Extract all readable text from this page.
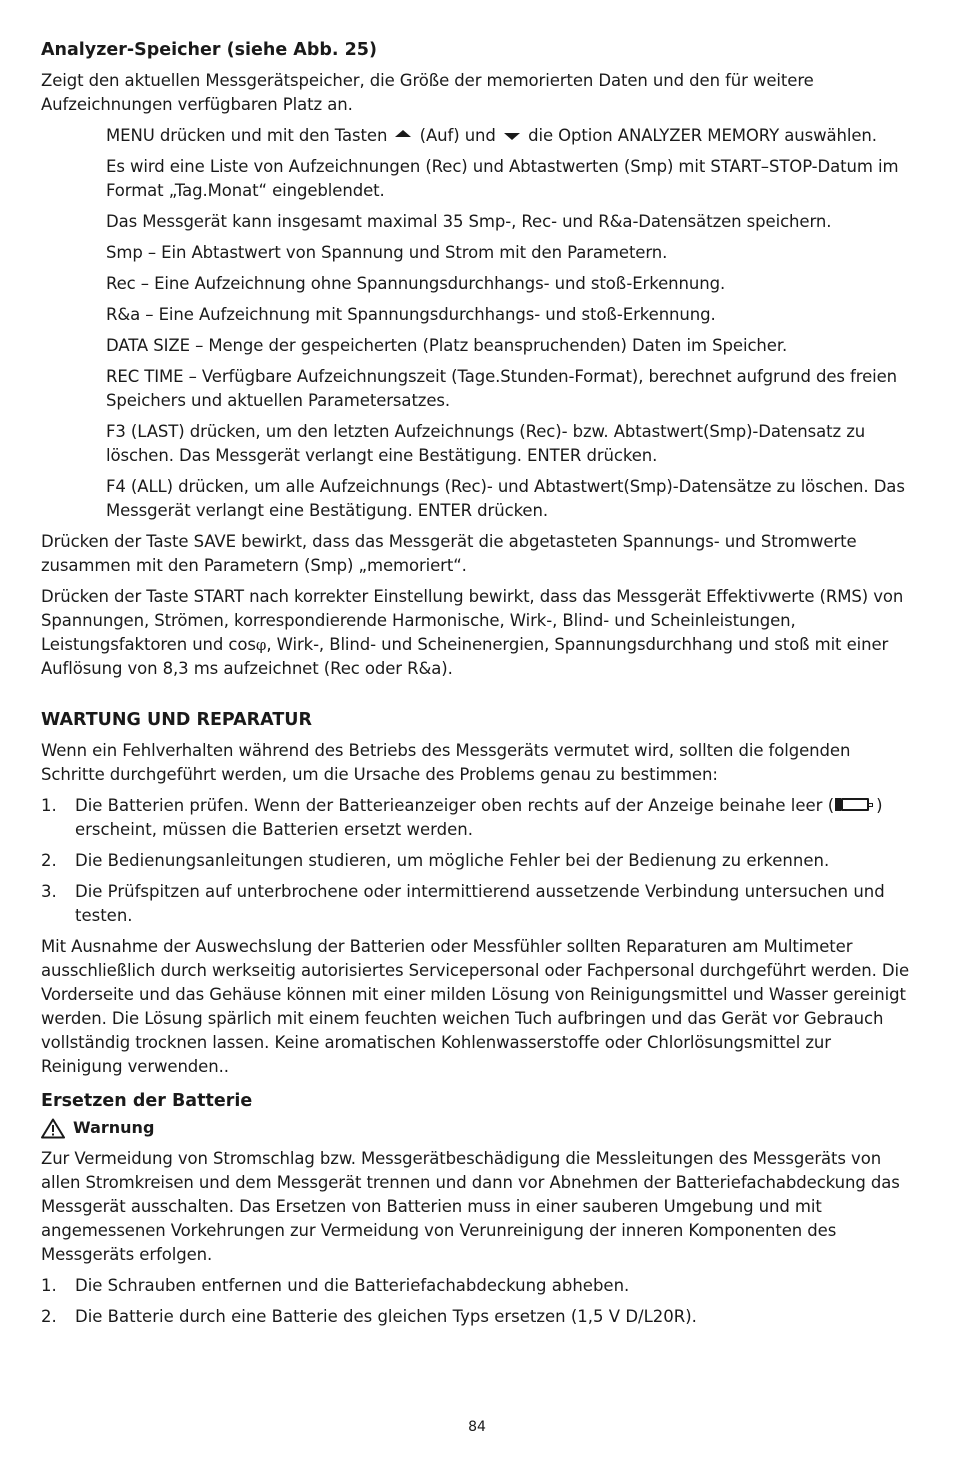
Analyzer-Speicher (siehe Abb. 25)

Zeigt den aktuellen Messgerätspeicher, die Größe der memorierten Daten und den für weitere Aufzeichnungen verfügbaren Platz an.

MENU drücken und mit den Tasten (Auf) und die Option ANALYZER MEMORY auswählen.

Es wird eine Liste von Aufzeichnungen (Rec) und Abtastwerten (Smp) mit START–STOP-Datum im Format „Tag.Monat“ eingeblendet.

Das Messgerät kann insgesamt maximal 35 Smp-, Rec- und R&a-Datensätzen speichern.

Smp – Ein Abtastwert von Spannung und Strom mit den Parametern.

Rec – Eine Aufzeichnung ohne Spannungsdurchhangs- und stoß-Erkennung.

R&a – Eine Aufzeichnung mit Spannungsdurchhangs- und stoß-Erkennung.

DATA SIZE – Menge der gespeicherten (Platz beanspruchenden) Daten im Speicher.

REC TIME – Verfügbare Aufzeichnungszeit (Tage.Stunden-Format), berechnet aufgrund des freien Speichers und aktuellen Parametersatzes.

F3 (LAST) drücken, um den letzten Aufzeichnungs (Rec)- bzw. Abtastwert(Smp)-Datensatz zu löschen. Das Messgerät verlangt eine Bestätigung. ENTER drücken.

F4 (ALL) drücken, um alle Aufzeichnungs (Rec)- und Abtastwert(Smp)-Datensätze zu löschen. Das Messgerät verlangt eine Bestätigung. ENTER drücken.

Drücken der Taste SAVE bewirkt, dass das Messgerät die abgetasteten Spannungs- und Stromwerte zusammen mit den Parametern (Smp) „memoriert“.

Drücken der Taste START nach korrekter Einstellung bewirkt, dass das Messgerät Effektivwerte (RMS) von Spannungen, Strömen, korrespondierende Harmonische, Wirk-, Blind- und Scheinleistungen, Leistungsfaktoren und cosφ, Wirk-, Blind- und Scheinenergien, Spannungsdurchhang und stoß mit einer Auflösung von 8,3 ms aufzeichnet (Rec oder R&a).

WARTUNG UND REPARATUR

Wenn ein Fehlverhalten während des Betriebs des Messgeräts vermutet wird, sollten die folgenden Schritte durchgeführt werden, um die Ursache des Problems genau zu bestimmen:

1.	Die Batterien prüfen. Wenn der Batterieanzeiger oben rechts auf der Anzeige beinahe leer (	) erscheint, müssen die Batterien ersetzt werden.
2.	Die Bedienungsanleitungen studieren, um mögliche Fehler bei der Bedienung zu erkennen.
3.	Die Prüfspitzen auf unterbrochene oder intermittierend aussetzende Verbindung untersuchen und testen.

Mit Ausnahme der Auswechslung der Batterien oder Messfühler sollten Reparaturen am Multimeter ausschließlich durch werkseitig autorisiertes Servicepersonal oder Fachpersonal durchgeführt werden. Die Vorderseite und das Gehäuse können mit einer milden Lösung von Reinigungsmittel und Wasser gereinigt werden. Die Lösung spärlich mit einem feuchten weichen Tuch aufbringen und das Gerät vor Gebrauch vollständig trocknen lassen. Keine aromatischen Kohlenwasserstoffe oder Chlorlösungsmittel zur Reinigung verwenden..

Ersetzen der Batterie
Warnung

Zur Vermeidung von Stromschlag bzw. Messgerätbeschädigung die Messleitungen des Messgeräts von allen Stromkreisen und dem Messgerät trennen und dann vor Abnehmen der Batteriefachabdeckung das Messgerät ausschalten. Das Ersetzen von Batterien muss in einer sauberen Umgebung und mit angemessenen Vorkehrungen zur Vermeidung von Verunreinigung der inneren Komponenten des Messgeräts erfolgen.

1.	Die Schrauben entfernen und die Batteriefachabdeckung abheben.
2.	Die Batterie durch eine Batterie des gleichen Typs ersetzen (1,5 V D/L20R).
84
